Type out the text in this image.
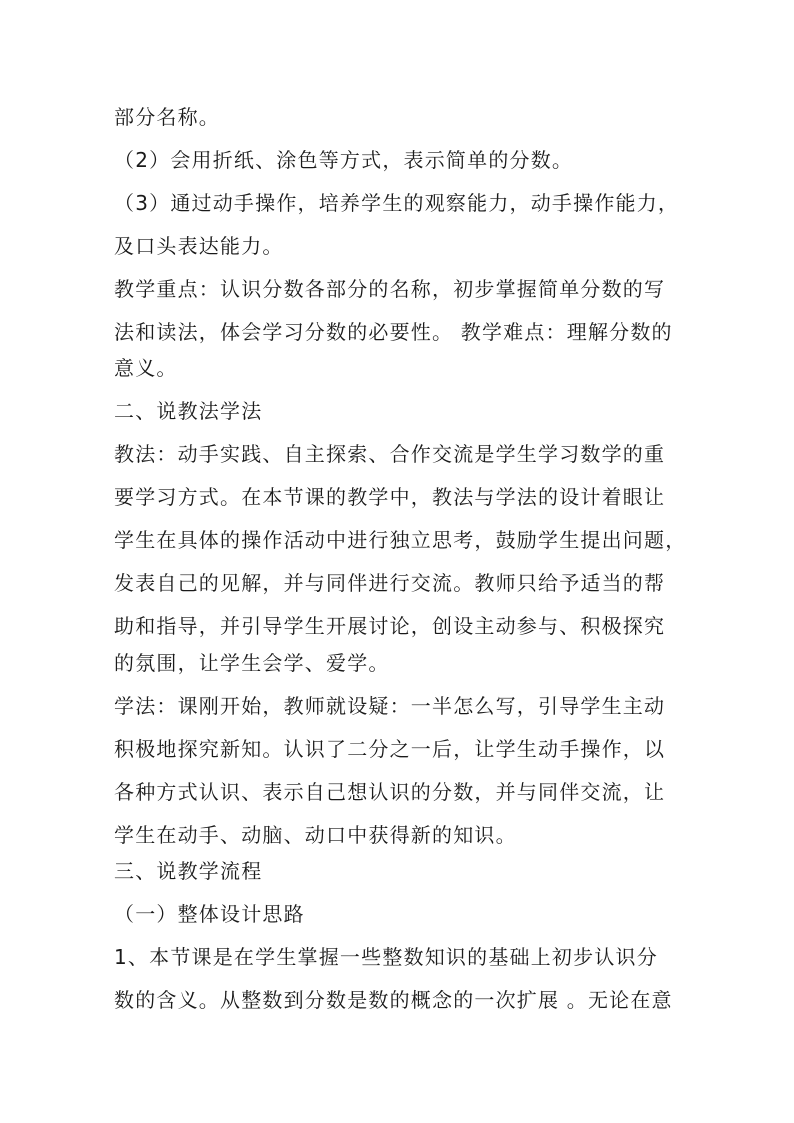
部分名称。
（2）会用折纸、涂色等方式，表示简单的分数。
（3）通过动手操作，培养学生的观察能力，动手操作能力，
及口头表达能力。
教学重点：认识分数各部分的名称，初步掌握简单分数的写
法和读法，体会学习分数的必要性。 教学难点：理解分数的
意义。
二、说教法学法
教法：动手实践、自主探索、合作交流是学生学习数学的重
要学习方式。在本节课的教学中，教法与学法的设计着眼让
学生在具体的操作活动中进行独立思考，鼓励学生提出问题，
发表自己的见解，并与同伴进行交流。教师只给予适当的帮
助和指导，并引导学生开展讨论，创设主动参与、积极探究
的氛围，让学生会学、爱学。
学法：课刚开始，教师就设疑：一半怎么写，引导学生主动
积极地探究新知。认识了二分之一后，让学生动手操作，以
各种方式认识、表示自己想认识的分数，并与同伴交流，让
学生在动手、动脑、动口中获得新的知识。
三、说教学流程
（一）整体设计思路
1、本节课是在学生掌握一些整数知识的基础上初步认识分
数的含义。从整数到分数是数的概念的一次扩展 。无论在意
